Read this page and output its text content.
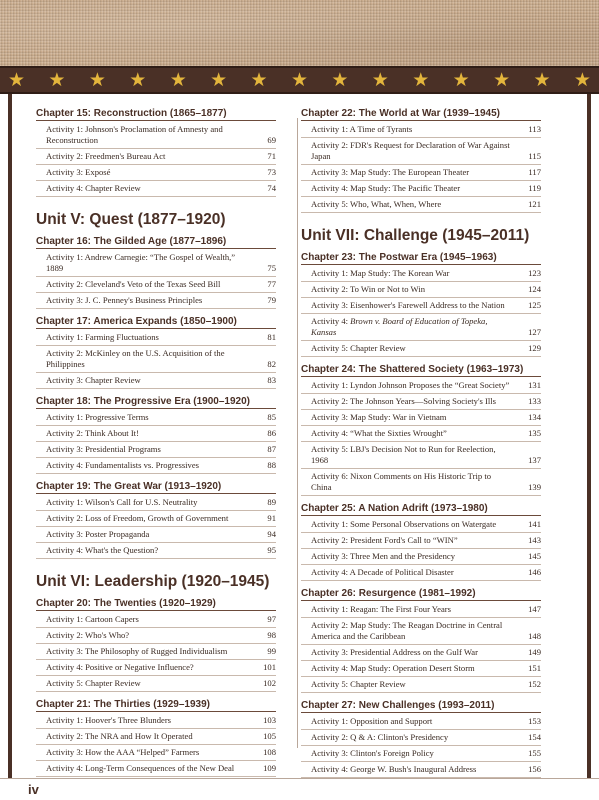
★ ★ ★ ★ ★ ★ ★ ★ ★ ★ ★ ★ ★ ★ ★
Chapter 15: Reconstruction (1865–1877)
Activity 1: Johnson's Proclamation of Amnesty and Reconstruction	69
Activity 2: Freedmen's Bureau Act	71
Activity 3: Exposé	73
Activity 4: Chapter Review	74
Unit V: Quest (1877–1920)
Chapter 16: The Gilded Age (1877–1896)
Activity 1: Andrew Carnegie: “The Gospel of Wealth,” 1889	75
Activity 2: Cleveland's Veto of the Texas Seed Bill	77
Activity 3: J. C. Penney's Business Principles	79
Chapter 17: America Expands (1850–1900)
Activity 1: Farming Fluctuations	81
Activity 2: McKinley on the U.S. Acquisition of the Philippines	82
Activity 3: Chapter Review	83
Chapter 18: The Progressive Era (1900–1920)
Activity 1: Progressive Terms	85
Activity 2: Think About It!	86
Activity 3: Presidential Programs	87
Activity 4: Fundamentalists vs. Progressives	88
Chapter 19: The Great War (1913–1920)
Activity 1: Wilson's Call for U.S. Neutrality	89
Activity 2: Loss of Freedom, Growth of Government	91
Activity 3: Poster Propaganda	94
Activity 4: What's the Question?	95
Unit VI: Leadership (1920–1945)
Chapter 20: The Twenties (1920–1929)
Activity 1: Cartoon Capers	97
Activity 2: Who's Who?	98
Activity 3: The Philosophy of Rugged Individualism	99
Activity 4: Positive or Negative Influence?	101
Activity 5: Chapter Review	102
Chapter 21: The Thirties (1929–1939)
Activity 1: Hoover's Three Blunders	103
Activity 2: The NRA and How It Operated	105
Activity 3: How the AAA “Helped” Farmers	108
Activity 4: Long-Term Consequences of the New Deal	109
Chapter 22: The World at War (1939–1945)
Activity 1: A Time of Tyrants	113
Activity 2: FDR's Request for Declaration of War Against Japan	115
Activity 3: Map Study: The European Theater	117
Activity 4: Map Study: The Pacific Theater	119
Activity 5: Who, What, When, Where	121
Unit VII: Challenge (1945–2011)
Chapter 23: The Postwar Era (1945–1963)
Activity 1: Map Study: The Korean War	123
Activity 2: To Win or Not to Win	124
Activity 3: Eisenhower's Farewell Address to the Nation	125
Activity 4: Brown v. Board of Education of Topeka, Kansas	127
Activity 5: Chapter Review	129
Chapter 24: The Shattered Society (1963–1973)
Activity 1: Lyndon Johnson Proposes the “Great Society”	131
Activity 2: The Johnson Years—Solving Society's Ills	133
Activity 3: Map Study: War in Vietnam	134
Activity 4: “What the Sixties Wrought”	135
Activity 5: LBJ's Decision Not to Run for Reelection, 1968	137
Activity 6: Nixon Comments on His Historic Trip to China	139
Chapter 25: A Nation Adrift (1973–1980)
Activity 1: Some Personal Observations on Watergate	141
Activity 2: President Ford's Call to “WIN”	143
Activity 3: Three Men and the Presidency	145
Activity 4: A Decade of Political Disaster	146
Chapter 26: Resurgence (1981–1992)
Activity 1: Reagan: The First Four Years	147
Activity 2: Map Study: The Reagan Doctrine in Central America and the Caribbean	148
Activity 3: Presidential Address on the Gulf War	149
Activity 4: Map Study: Operation Desert Storm	151
Activity 5: Chapter Review	152
Chapter 27: New Challenges (1993–2011)
Activity 1: Opposition and Support	153
Activity 2: Q & A: Clinton's Presidency	154
Activity 3: Clinton's Foreign Policy	155
Activity 4: George W. Bush's Inaugural Address	156
iv
